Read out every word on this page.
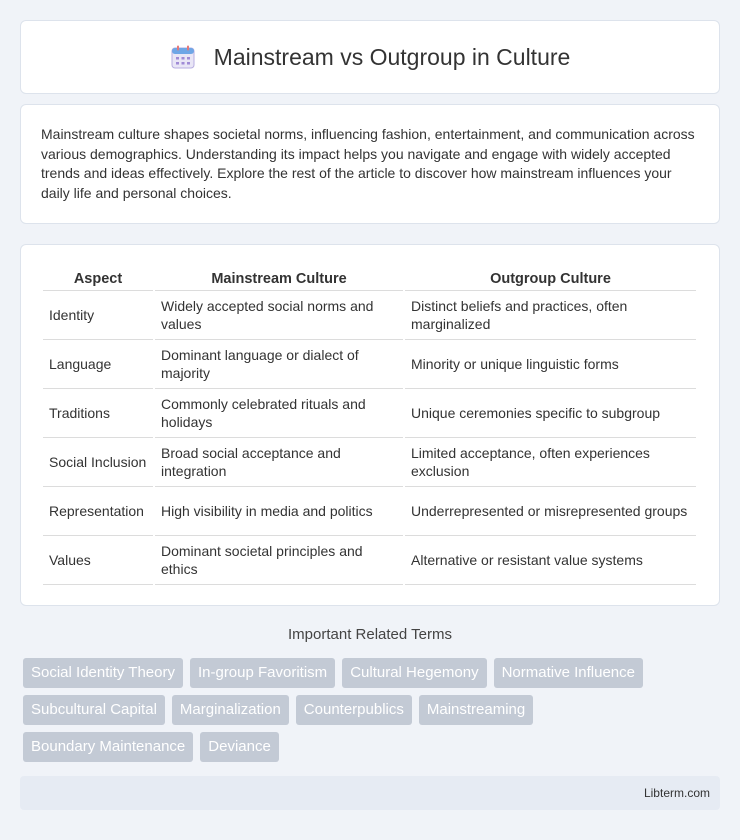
Mainstream vs Outgroup in Culture

Mainstream culture shapes societal norms, influencing fashion, entertainment, and communication across various demographics. Understanding its impact helps you navigate and engage with widely accepted trends and ideas effectively. Explore the rest of the article to discover how mainstream influences your daily life and personal choices.

Aspect	Mainstream Culture	Outgroup Culture
Identity	Widely accepted social norms and values	Distinct beliefs and practices, often marginalized
Language	Dominant language or dialect of majority	Minority or unique linguistic forms
Traditions	Commonly celebrated rituals and holidays	Unique ceremonies specific to subgroup
Social Inclusion	Broad social acceptance and integration	Limited acceptance, often experiences exclusion
Representation	High visibility in media and politics	Underrepresented or misrepresented groups
Values	Dominant societal principles and ethics	Alternative or resistant value systems
Important Related Terms
Social Identity Theory	In-group Favoritism	Cultural Hegemony	Normative Influence
Subcultural Capital	Marginalization	Counterpublics	Mainstreaming
Boundary Maintenance	Deviance
Libterm.com
